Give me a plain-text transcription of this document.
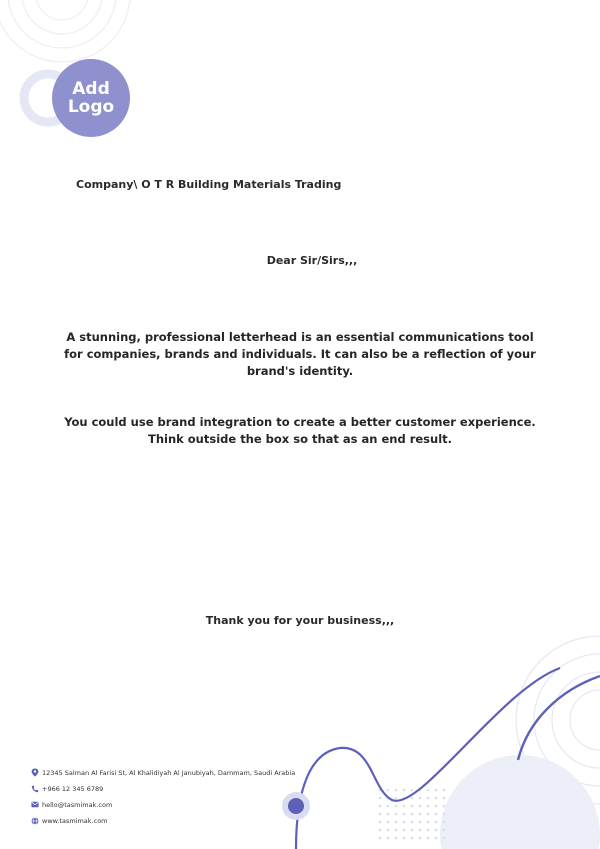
Add
Logo
Company\ O T R Building Materials Trading
Dear Sir/Sirs,,,
A stunning, professional letterhead is an essential communications tool for companies, brands and individuals. It can also be a reflection of your brand's identity.
You could use brand integration to create a better customer experience. Think outside the box so that as an end result.
Thank you for your business,,,
12345 Salman Al Farisi St, Al Khalidiyah Al Janubiyah, Dammam, Saudi Arabia
+966 12 345 6789
hello@tasmimak.com
www.tasmimak.com
